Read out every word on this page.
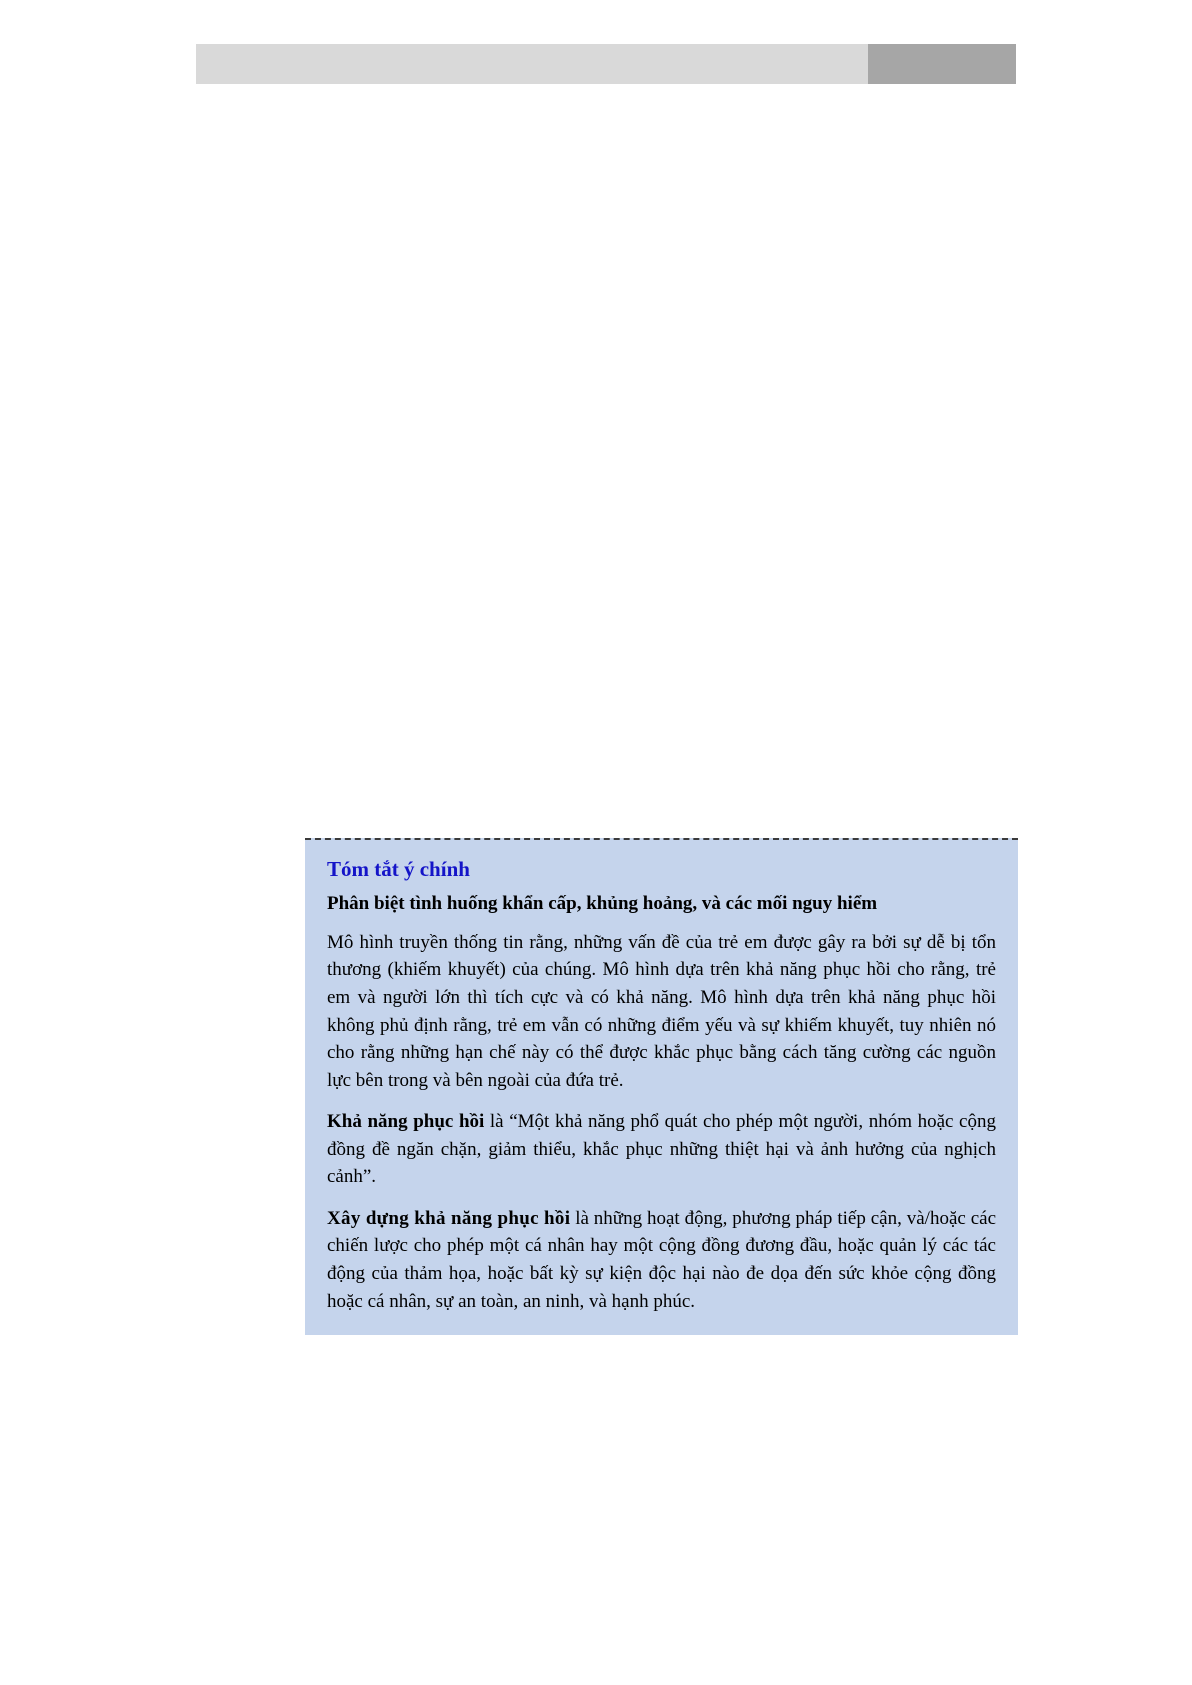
Tóm tắt ý chính
Phân biệt tình huống khẩn cấp, khủng hoảng, và các mối nguy hiểm

Mô hình truyền thống tin rằng, những vấn đề của trẻ em được gây ra bởi sự dễ bị tổn thương (khiếm khuyết) của chúng. Mô hình dựa trên khả năng phục hồi cho rằng, trẻ em và người lớn thì tích cực và có khả năng. Mô hình dựa trên khả năng phục hồi không phủ định rằng, trẻ em vẫn có những điểm yếu và sự khiếm khuyết, tuy nhiên nó cho rằng những hạn chế này có thể được khắc phục bằng cách tăng cường các nguồn lực bên trong và bên ngoài của đứa trẻ.

Khả năng phục hồi là “Một khả năng phổ quát cho phép một người, nhóm hoặc cộng đồng đề ngăn chặn, giảm thiểu, khắc phục những thiệt hại và ảnh hưởng của nghịch cảnh”.

Xây dựng khả năng phục hồi là những hoạt động, phương pháp tiếp cận, và/hoặc các chiến lược cho phép một cá nhân hay một cộng đồng đương đầu, hoặc quản lý các tác động của thảm họa, hoặc bất kỳ sự kiện độc hại nào đe dọa đến sức khỏe cộng đồng hoặc cá nhân, sự an toàn, an ninh, và hạnh phúc.
